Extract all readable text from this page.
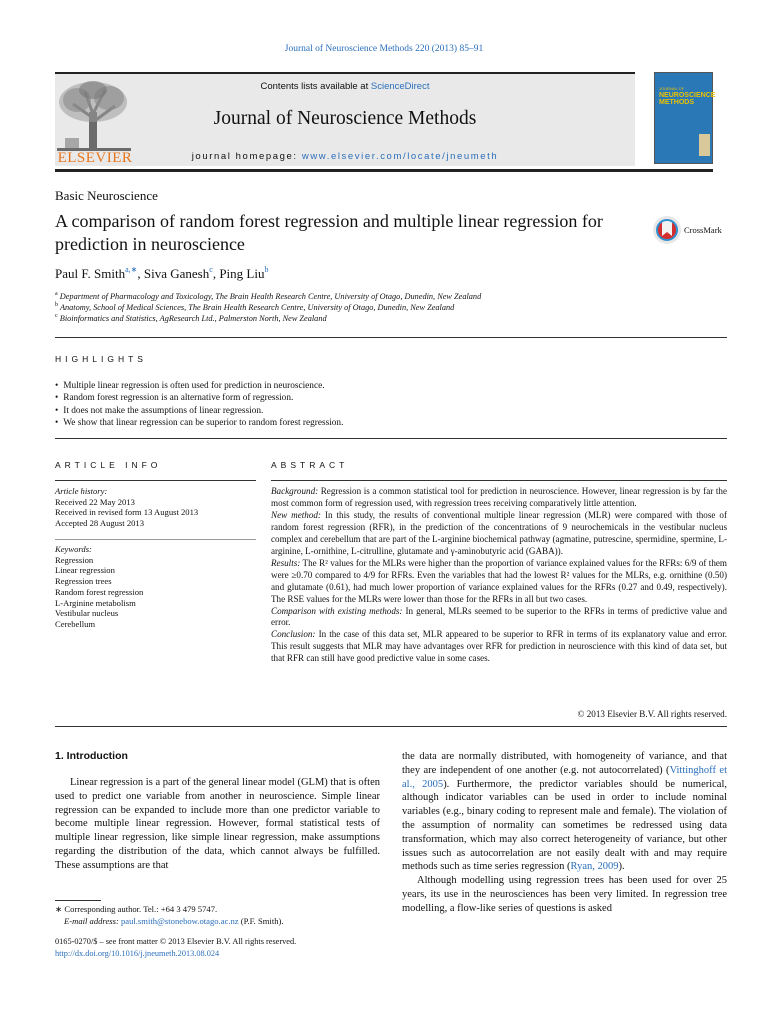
Journal of Neuroscience Methods 220 (2013) 85–91
Contents lists available at ScienceDirect
Journal of Neuroscience Methods
journal homepage: www.elsevier.com/locate/jneumeth
ELSEVIER
JOURNAL OF
NEUROSCIENCE METHODS
Basic Neuroscience
A comparison of random forest regression and multiple linear regression for prediction in neuroscience
CrossMark
Paul F. Smith$^{a,∗}$, Siva Ganesh$^c$, Ping Liu$^b$
$^a$ Department of Pharmacology and Toxicology, The Brain Health Research Centre, University of Otago, Dunedin, New Zealand
$^b$ Anatomy, School of Medical Sciences, The Brain Health Research Centre, University of Otago, Dunedin, New Zealand
$^c$ Bioinformatics and Statistics, AgResearch Ltd., Palmerston North, New Zealand
HIGHLIGHTS
• Multiple linear regression is often used for prediction in neuroscience.
• Random forest regression is an alternative form of regression.
• It does not make the assumptions of linear regression.
• We show that linear regression can be superior to random forest regression.
ARTICLE INFO
Article history:
Received 22 May 2013
Received in revised form 13 August 2013
Accepted 28 August 2013
Keywords:
Regression
Linear regression
Regression trees
Random forest regression
L-Arginine metabolism
Vestibular nucleus
Cerebellum
ABSTRACT
Background: Regression is a common statistical tool for prediction in neuroscience. However, linear regression is by far the most common form of regression used, with regression trees receiving comparatively little attention.
New method: In this study, the results of conventional multiple linear regression (MLR) were compared with those of random forest regression (RFR), in the prediction of the concentrations of 9 neurochemicals in the vestibular nucleus complex and cerebellum that are part of the L-arginine biochemical pathway (agmatine, putrescine, spermidine, spermine, L-arginine, L-ornithine, L-citrulline, glutamate and γ-aminobutyric acid (GABA)).
Results: The R² values for the MLRs were higher than the proportion of variance explained values for the RFRs: 6/9 of them were ≥0.70 compared to 4/9 for RFRs. Even the variables that had the lowest R² values for the MLRs, e.g. ornithine (0.50) and glutamate (0.61), had much lower proportion of variance explained values for the RFRs (0.27 and 0.49, respectively). The RSE values for the MLRs were lower than those for the RFRs in all but two cases.
Comparison with existing methods: In general, MLRs seemed to be superior to the RFRs in terms of predictive value and error.
Conclusion: In the case of this data set, MLR appeared to be superior to RFR in terms of its explanatory value and error. This result suggests that MLR may have advantages over RFR for prediction in neuroscience with this kind of data set, but that RFR can still have good predictive value in some cases.
© 2013 Elsevier B.V. All rights reserved.
1. Introduction
Linear regression is a part of the general linear model (GLM) that is often used to predict one variable from another in neuroscience. Simple linear regression can be expanded to include more than one predictor variable to become multiple linear regression. However, formal statistical tests of multiple linear regression, like simple linear regression, make assumptions regarding the distribution of the data, which cannot always be fulfilled. These assumptions are that
the data are normally distributed, with homogeneity of variance, and that they are independent of one another (e.g. not autocorrelated) (Vittinghoff et al., 2005). Furthermore, the predictor variables should be numerical, although indicator variables can be used in order to include nominal variables (e.g., binary coding to represent male and female). The violation of the assumption of normality can sometimes be redressed using data transformation, which may also correct heterogeneity of variance, but other issues such as autocorrelation are not easily dealt with and may require methods such as time series regression (Ryan, 2009).
Although modelling using regression trees has been used for over 25 years, its use in the neurosciences has been very limited. In regression tree modelling, a flow-like series of questions is asked
∗ Corresponding author. Tel.: +64 3 479 5747.
E-mail address: paul.smith@stonebow.otago.ac.nz (P.F. Smith).
0165-0270/$ – see front matter © 2013 Elsevier B.V. All rights reserved.
http://dx.doi.org/10.1016/j.jneumeth.2013.08.024
